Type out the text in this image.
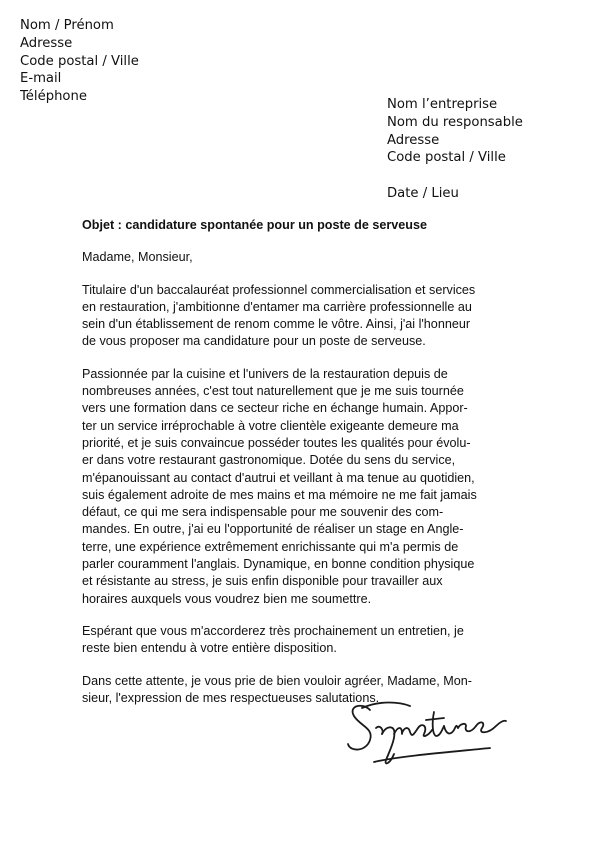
Nom / Prénom
Adresse
Code postal / Ville
E-mail
Téléphone
Nom l’entreprise
Nom du responsable
Adresse
Code postal / Ville
Date / Lieu
Objet : candidature spontanée pour un poste de serveuse
Madame, Monsieur,

Titulaire d'un baccalauréat professionnel commercialisation et services
en restauration, j'ambitionne d'entamer ma carrière professionnelle au
sein d'un établissement de renom comme le vôtre. Ainsi, j'ai l'honneur
de vous proposer ma candidature pour un poste de serveuse.

Passionnée par la cuisine et l'univers de la restauration depuis de
nombreuses années, c'est tout naturellement que je me suis tournée
vers une formation dans ce secteur riche en échange humain. Appor-
ter un service irréprochable à votre clientèle exigeante demeure ma
priorité, et je suis convaincue posséder toutes les qualités pour évolu-
er dans votre restaurant gastronomique. Dotée du sens du service,
m'épanouissant au contact d'autrui et veillant à ma tenue au quotidien,
suis également adroite de mes mains et ma mémoire ne me fait jamais
défaut, ce qui me sera indispensable pour me souvenir des com-
mandes. En outre, j'ai eu l'opportunité de réaliser un stage en Angle-
terre, une expérience extrêmement enrichissante qui m'a permis de
parler couramment l'anglais. Dynamique, en bonne condition physique
et résistante au stress, je suis enfin disponible pour travailler aux
horaires auxquels vous voudrez bien me soumettre.

Espérant que vous m'accorderez très prochainement un entretien, je
reste bien entendu à votre entière disposition.

Dans cette attente, je vous prie de bien vouloir agréer, Madame, Mon-
sieur, l'expression de mes respectueuses salutations.
